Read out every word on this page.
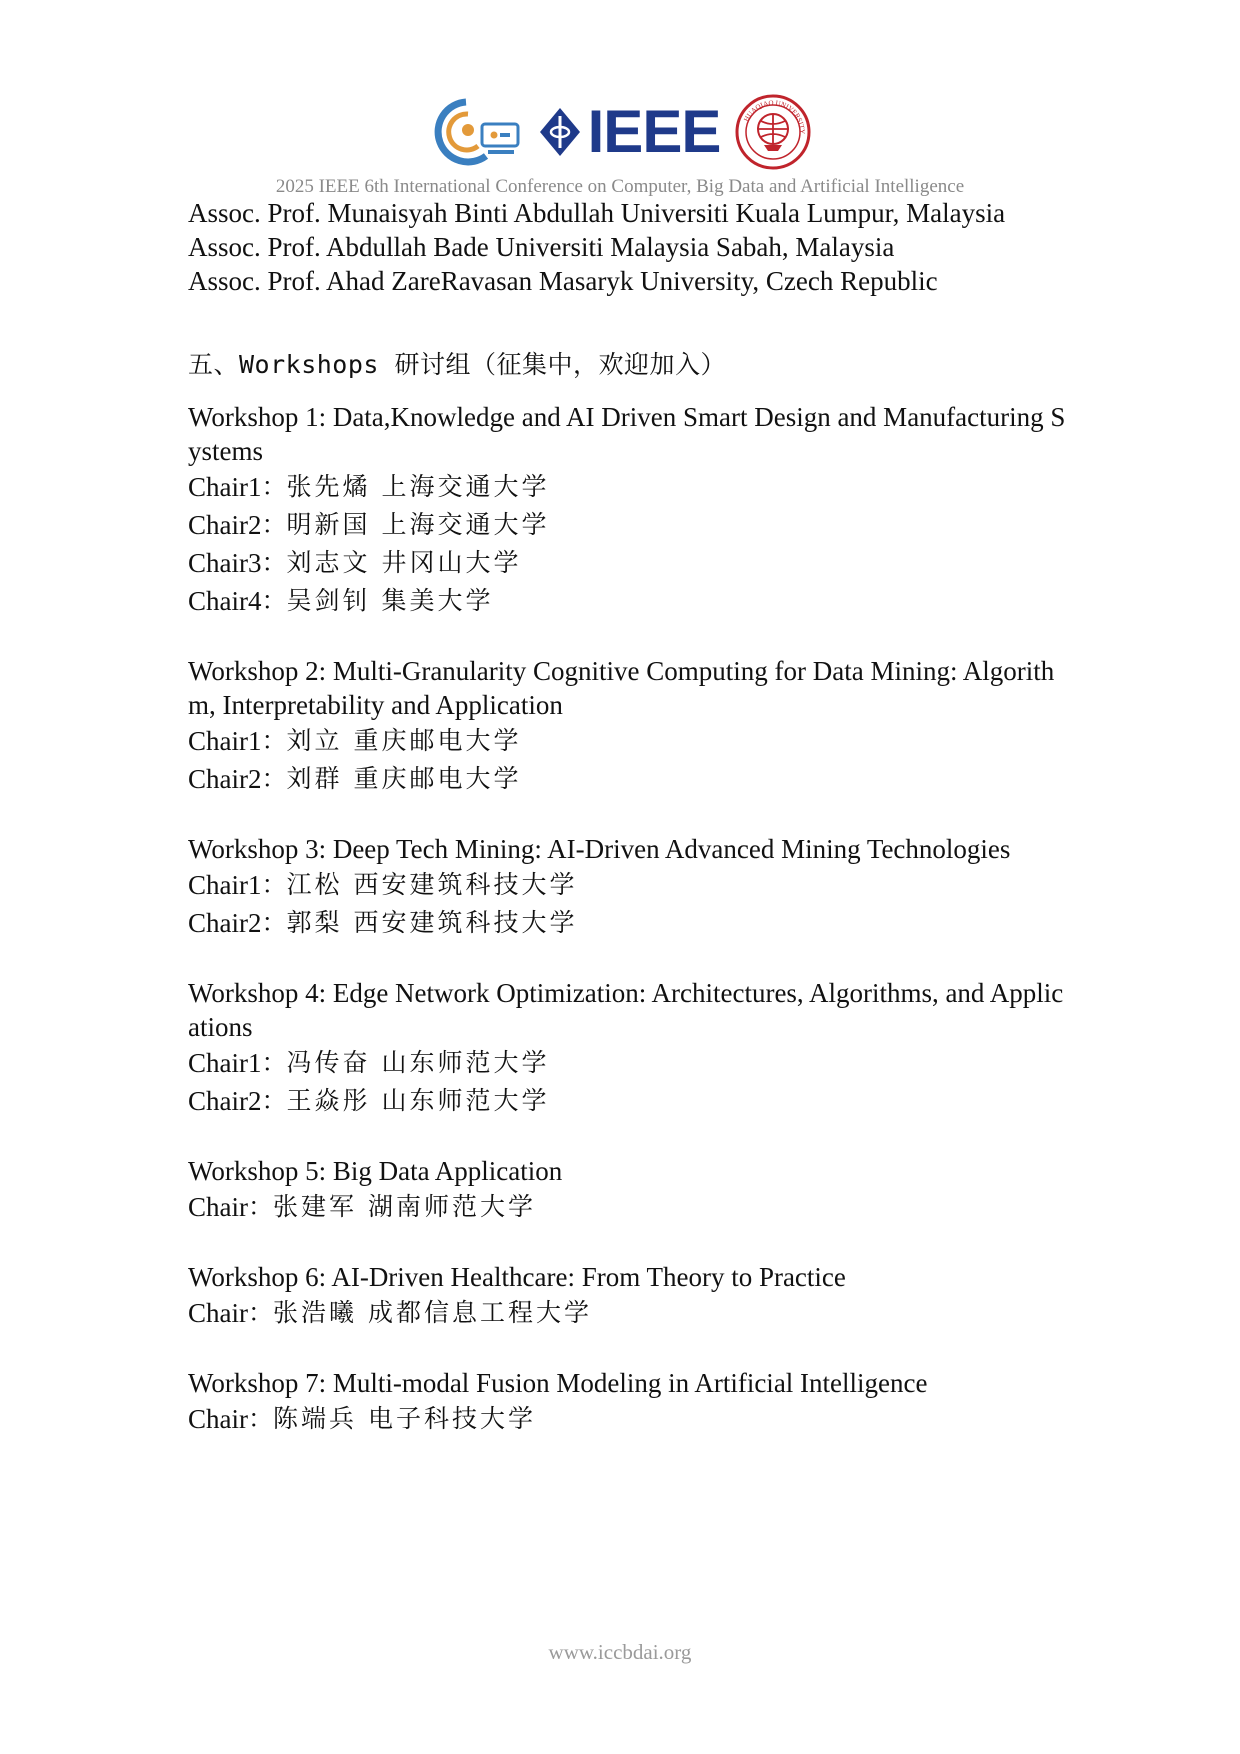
IEEE	HUAQIAO UNIVERSITY
2025 IEEE 6th International Conference on Computer, Big Data and Artificial Intelligence

Assoc. Prof. Munaisyah Binti Abdullah Universiti Kuala Lumpur, Malaysia

Assoc. Prof. Abdullah Bade Universiti Malaysia Sabah, Malaysia

Assoc. Prof. Ahad ZareRavasan Masaryk University, Czech Republic

五、Workshops 研讨组（征集中，欢迎加入）

Workshop 1: Data,Knowledge and AI Driven Smart Design and Manufacturing Systems

Chair1 ： 张先燏 上海交通大学
Chair2 ： 明新国 上海交通大学
Chair3 ： 刘志文 井冈山大学
Chair4 ： 吴剑钊 集美大学

Workshop 2: Multi-Granularity Cognitive Computing for Data Mining: Algorithm, Interpretability and Application

Chair1 ： 刘立 重庆邮电大学
Chair2 ： 刘群 重庆邮电大学

Workshop 3: Deep Tech Mining: AI-Driven Advanced Mining Technologies

Chair1 ： 江松 西安建筑科技大学
Chair2 ： 郭梨 西安建筑科技大学

Workshop 4: Edge Network Optimization: Architectures, Algorithms, and Applications

Chair1 ： 冯传奋 山东师范大学
Chair2 ： 王焱彤 山东师范大学

Workshop 5: Big Data Application

Chair ： 张建军 湖南师范大学

Workshop 6: AI-Driven Healthcare: From Theory to Practice

Chair ： 张浩曦 成都信息工程大学

Workshop 7: Multi-modal Fusion Modeling in Artificial Intelligence

Chair ： 陈端兵 电子科技大学
www.iccbdai.org
